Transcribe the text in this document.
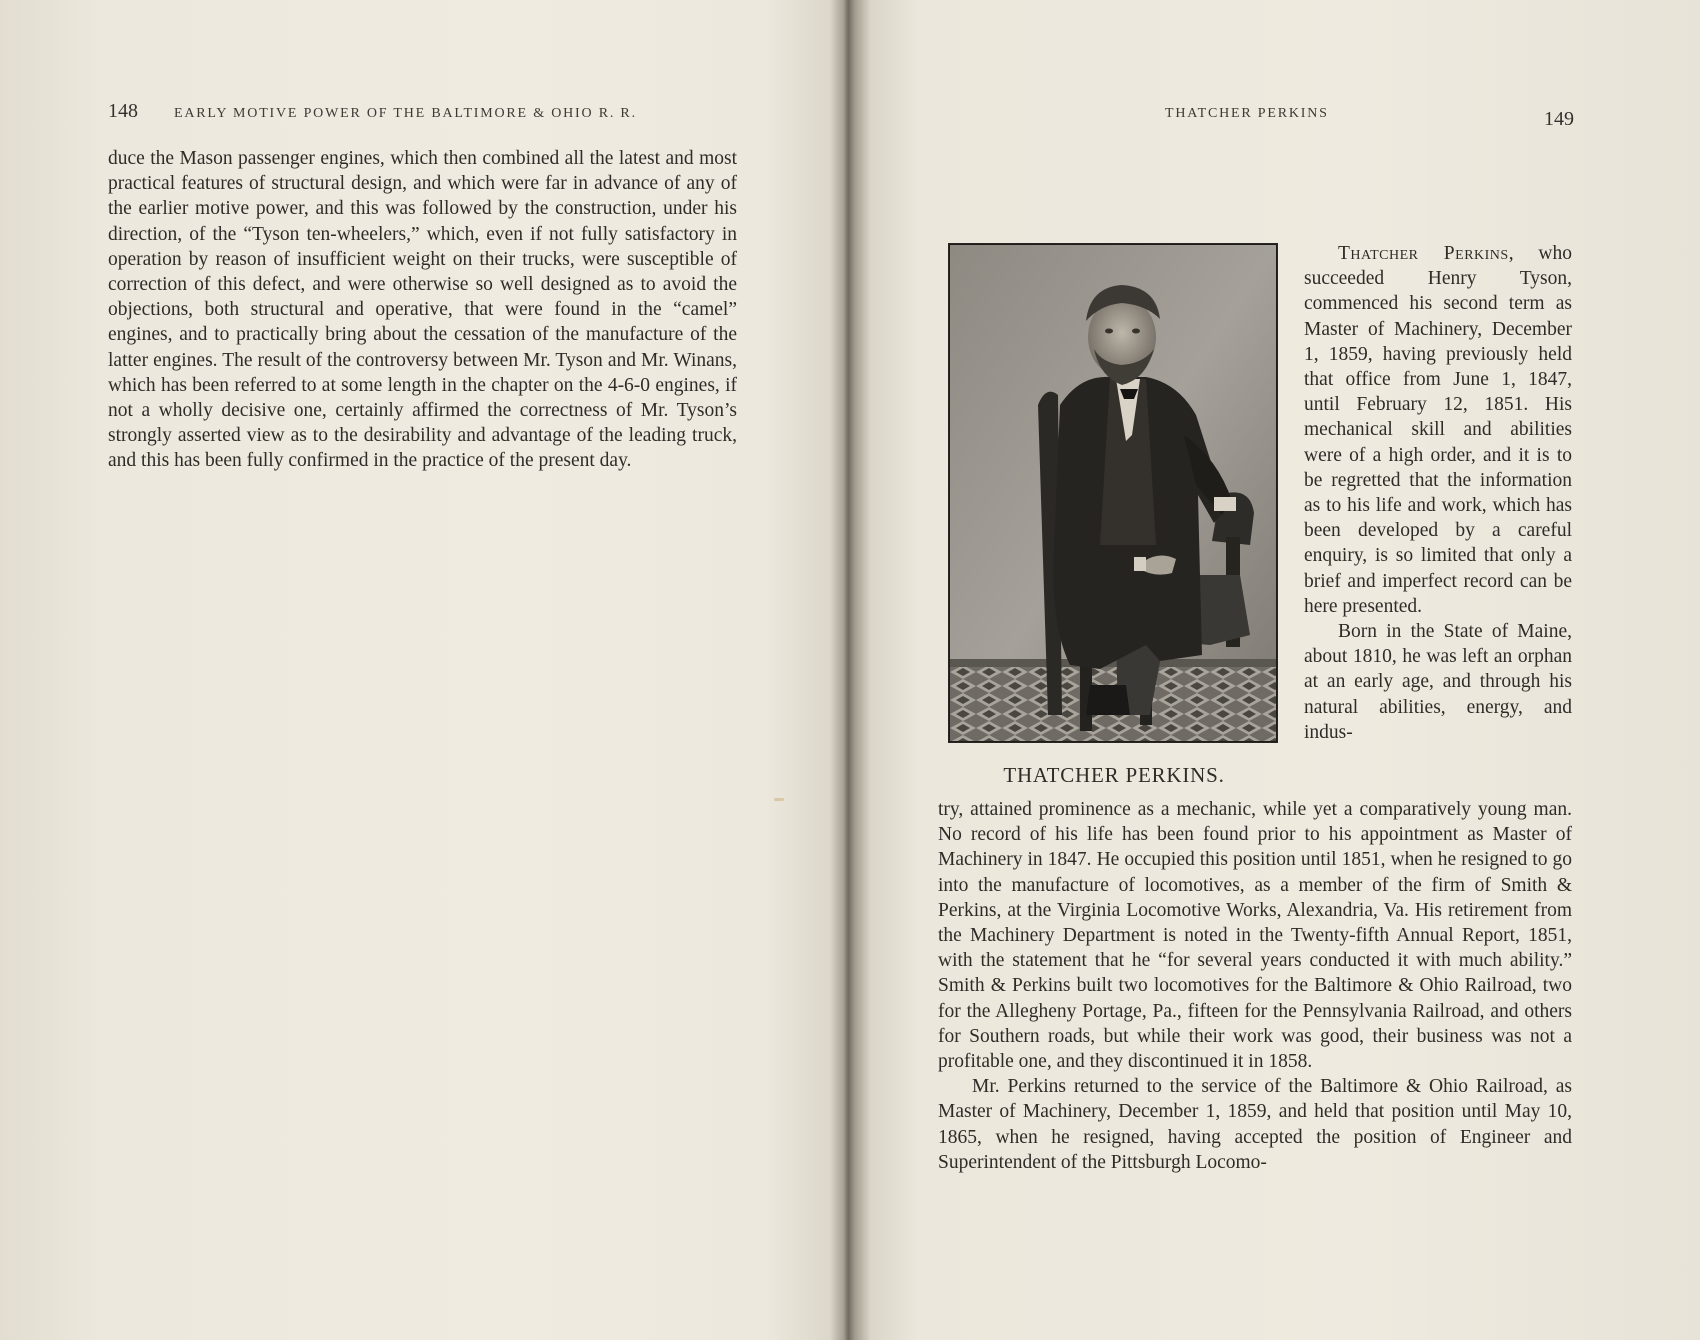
148	EARLY MOTIVE POWER OF THE BALTIMORE & OHIO R. R.

duce the Mason passenger engines, which then combined all the latest and most practical features of structural design, and which were far in advance of any of the earlier motive power, and this was followed by the construction, under his direction, of the “Tyson ten-wheelers,” which, even if not fully satisfactory in operation by reason of insufficient weight on their trucks, were susceptible of correction of this defect, and were otherwise so well designed as to avoid the objections, both structural and operative, that were found in the “camel” engines, and to practically bring about the cessation of the manufacture of the latter engines. The result of the controversy between Mr. Tyson and Mr. Winans, which has been referred to at some length in the chapter on the 4-6-0 engines, if not a wholly decisive one, certainly affirmed the correctness of Mr. Tyson’s strongly asserted view as to the desirability and advantage of the leading truck, and this has been fully confirmed in the practice of the present day.

THATCHER PERKINS	149
THATCHER PERKINS.

Thatcher Perkins, who succeeded Henry Tyson, commenced his second term as Master of Machinery, December 1, 1859, having previously held that office from June 1, 1847, until February 12, 1851. His mechanical skill and abilities were of a high order, and it is to be regretted that the information as to his life and work, which has been developed by a careful enquiry, is so limited that only a brief and imperfect record can be here presented.

Born in the State of Maine, about 1810, he was left an orphan at an early age, and through his natural abilities, energy, and indus-

try, attained prominence as a mechanic, while yet a comparatively young man. No record of his life has been found prior to his appointment as Master of Machinery in 1847. He occupied this position until 1851, when he resigned to go into the manufacture of locomotives, as a member of the firm of Smith & Perkins, at the Virginia Locomotive Works, Alexandria, Va. His retirement from the Machinery Department is noted in the Twenty-fifth Annual Report, 1851, with the statement that he “for several years conducted it with much ability.” Smith & Perkins built two locomotives for the Baltimore & Ohio Railroad, two for the Allegheny Portage, Pa., fifteen for the Pennsylvania Railroad, and others for Southern roads, but while their work was good, their business was not a profitable one, and they discontinued it in 1858.

Mr. Perkins returned to the service of the Baltimore & Ohio Railroad, as Master of Machinery, December 1, 1859, and held that position until May 10, 1865, when he resigned, having accepted the position of Engineer and Superintendent of the Pittsburgh Locomo-
